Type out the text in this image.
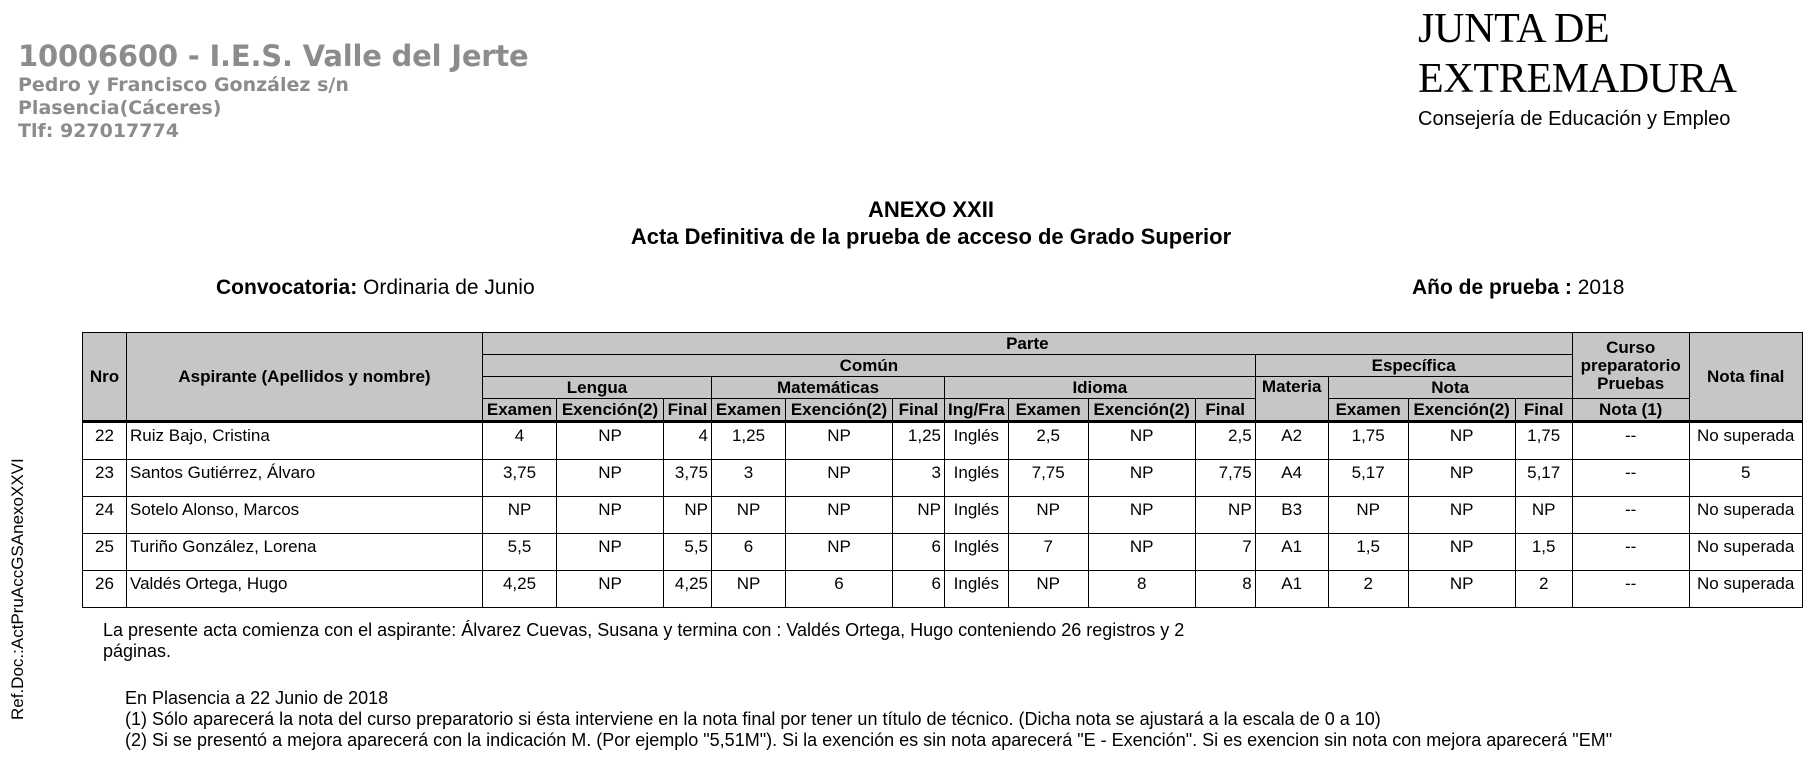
10006600 - I.E.S. Valle del Jerte
Pedro y Francisco González s/n
Plasencia(Cáceres)
Tlf: 927017774
JUNTA DE EXTREMADURA
Consejería de Educación y Empleo
ANEXO XXII
Acta Definitiva de la prueba de acceso de Grado Superior
Convocatoria: Ordinaria de Junio	Año de prueba : 2018
Ref.Doc.:ActPruAccGSAnexoXXVI
Nro	Aspirante (Apellidos y nombre)	Parte														Curso preparatorio Pruebas	Nota final
		Común										Específica					
		Lengua			Matemáticas			Idioma				Materia	Nota				
		Examen	Exención(2)	Final	Examen	Exención(2)	Final	Ing/Fra	Examen	Exención(2)	Final		Examen	Exención(2)	Final	Nota (1)	
22	Ruiz Bajo, Cristina	4	NP	4	1,25	NP	1,25	Inglés	2,5	NP	2,5	A2	1,75	NP	1,75	--	No superada
23	Santos Gutiérrez, Álvaro	3,75	NP	3,75	3	NP	3	Inglés	7,75	NP	7,75	A4	5,17	NP	5,17	--	5
24	Sotelo Alonso, Marcos	NP	NP	NP	NP	NP	NP	Inglés	NP	NP	NP	B3	NP	NP	NP	--	No superada
25	Turiño González, Lorena	5,5	NP	5,5	6	NP	6	Inglés	7	NP	7	A1	1,5	NP	1,5	--	No superada
26	Valdés Ortega, Hugo	4,25	NP	4,25	NP	6	6	Inglés	NP	8	8	A1	2	NP	2	--	No superada
La presente acta comienza con el aspirante: Álvarez Cuevas, Susana y termina con : Valdés Ortega, Hugo conteniendo 26 registros y 2 páginas.
En Plasencia a 22 Junio de 2018
(1) Sólo aparecerá la nota del curso preparatorio si ésta interviene en la nota final por tener un título de técnico. (Dicha nota se ajustará a la escala de 0 a 10)
(2) Si se presentó a mejora aparecerá con la indicación M. (Por ejemplo "5,51M"). Si la exención es sin nota aparecerá "E - Exención". Si es exencion sin nota con mejora aparecerá "EM"
